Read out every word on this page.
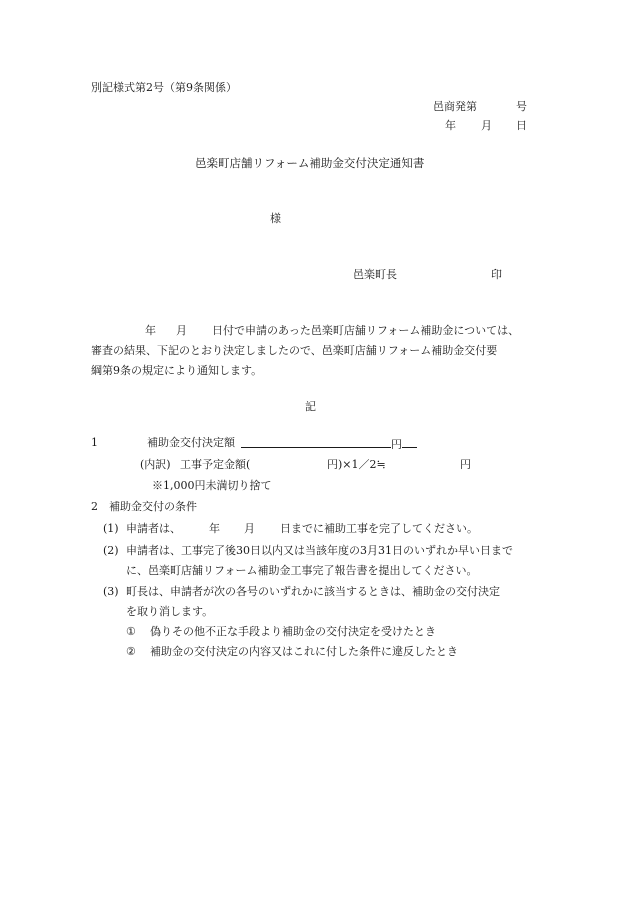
別記様式第2号（第9条関係）
邑商発第	号
年 月 日
邑楽町店舗リフォーム補助金交付決定通知書
様
邑楽町長	印
年 月 日付で申請のあった邑楽町店舗リフォーム補助金については、
審査の結果、下記のとおり決定しましたので、邑楽町店舗リフォーム補助金交付要
綱第9条の規定により通知します。
記
1	補助金交付決定額	円
(内訳) 工事予定金額(	円)×1／2≒	円
※1,000円未満切り捨て
2　補助金交付の条件
(1) 申請者は、	年 月 日までに補助工事を完了してください。
(2) 申請者は、工事完了後30日以内又は当該年度の3月31日のいずれか早い日まで
に、邑楽町店舗リフォーム補助金工事完了報告書を提出してください。
(3) 町長は、申請者が次の各号のいずれかに該当するときは、補助金の交付決定
を取り消します。
① 偽りその他不正な手段より補助金の交付決定を受けたとき
② 補助金の交付決定の内容又はこれに付した条件に違反したとき
